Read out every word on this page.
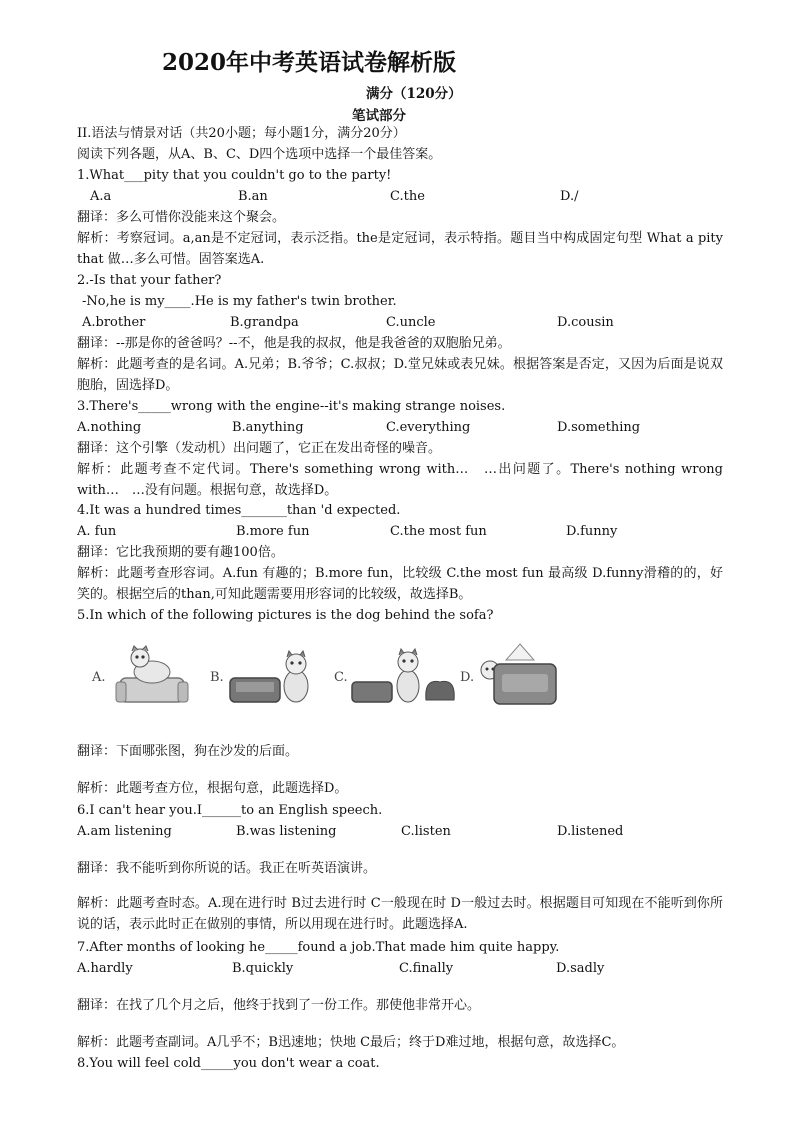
2020年中考英语试卷解析版
满分（120分）
笔试部分
II.语法与情景对话（共20小题；每小题1分，满分20分）
阅读下列各题，从A、B、C、D四个选项中选择一个最佳答案。
1.What___pity that you couldn't go to the party!
A.a	B.an	C.the	D./
翻译：多么可惜你没能来这个聚会。
解析：考察冠词。a,an是不定冠词，表示泛指。the是定冠词，表示特指。题目当中构成固定句型 What a pity that 做…多么可惜。固答案选A.
2.-Is that your father?
-No,he is my____.He is my father's twin brother.
A.brother	B.grandpa	C.uncle	D.cousin
翻译：--那是你的爸爸吗？--不，他是我的叔叔，他是我爸爸的双胞胎兄弟。
解析：此题考查的是名词。A.兄弟；B.爷爷；C.叔叔；D.堂兄妹或表兄妹。根据答案是否定，又因为后面是说双胞胎，固选择D。
3.There's_____wrong with the engine--it's making strange noises.
A.nothing	B.anything	C.everything	D.something
翻译：这个引擎（发动机）出问题了，它正在发出奇怪的噪音。
解析：此题考查不定代词。There's something wrong with…　…出问题了。There's nothing wrong with…　…没有问题。根据句意，故选择D。
4.It was a hundred times_______than 'd expected.
A. fun	B.more fun	C.the most fun	D.funny
翻译：它比我预期的要有趣100倍。
解析：此题考查形容词。A.fun 有趣的；B.more fun，比较级 C.the most fun 最高级 D.funny滑稽的的，好笑的。根据空后的than,可知此题需要用形容词的比较级，故选择B。
5.In which of the following pictures is the dog behind the sofa?
A.	B.	C.	D.
翻译：下面哪张图，狗在沙发的后面。
解析：此题考查方位，根据句意，此题选择D。
6.I can't hear you.I______to an English speech.
A.am listening	B.was listening	C.listen	D.listened
翻译：我不能听到你所说的话。我正在听英语演讲。
解析：此题考查时态。A.现在进行时 B过去进行时 C一般现在时 D一般过去时。根据题目可知现在不能听到你所说的话，表示此时正在做别的事情，所以用现在进行时。此题选择A.
7.After months of looking he_____found a job.That made him quite happy.
A.hardly	B.quickly	C.finally	D.sadly
翻译：在找了几个月之后，他终于找到了一份工作。那使他非常开心。
解析：此题考查副词。A几乎不；B迅速地；快地 C最后；终于D难过地，根据句意，故选择C。
8.You will feel cold_____you don't wear a coat.
